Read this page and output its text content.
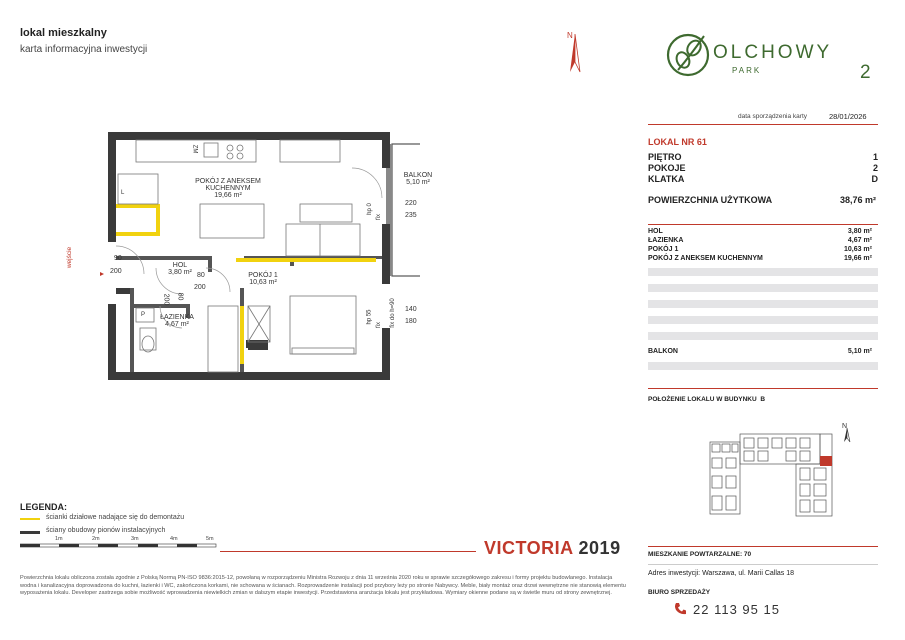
lokal mieszkalny
karta informacyjna inwestycji
N
OLCHOWY
PARK	2
data sporządzenia karty	28/01/2026
LOKAL NR 61
PIĘTRO	1
POKOJE	2
KLATKA	D
POWIERZCHNIA UŻYTKOWA	38,76 m²
HOL	3,80 m²
ŁAZIENKA	4,67 m²
POKÓJ 1	10,63 m²
POKÓJ Z ANEKSEM KUCHENNYM	19,66 m²
BALKON	5,10 m²
POŁOŻENIE LOKALU W BUDYNKU B
N
MIESZKANIE POWTARZALNE: 70
Adres inwestycji: Warszawa, ul. Marii Callas 18
BIURO SPRZEDAŻY
22 113 95 15
POKÓJ Z ANEKSEM
KUCHENNYM
19,66 m²
BALKON
5,10 m²
HOL
3,80 m²	POKÓJ 1
10,63 m²
ŁAZIENKA
4,67 m²
wejście	90
200
80
200
80
200
220
235
140
180
hp 0
fix
hp 55
fix fix do h=90
L
P
ZM
LEGENDA:
ścianki działowe nadające się do demontażu
ściany obudowy pionów instalacyjnych
1m	2m	3m	4m	5m	VICTORIA 2019
Powierzchnia lokalu obliczona została zgodnie z Polską Normą PN-ISO 9836:2015-12, powołaną w rozporządzeniu Ministra Rozwoju z dnia 11 września 2020 roku w sprawie szczegółowego zakresu i formy projektu budowlanego. Instalacja wodna i kanalizacyjna doprowadzona do kuchni, łazienki i WC, zakończona korkami, nie schowana w ścianach. Rozprowadzenie instalacji pod przybory leży po stronie Nabywcy. Meble, biały montaż oraz drzwi wewnętrzne nie stanowią elementu wyposażenia lokalu. Developer zastrzega sobie możliwość wprowadzenia niewielkich zmian w dalszym etapie inwestycji. Przedstawiona aranżacja lokalu jest przykładowa. Wymiary okienne podane są w świetle muru od strony zewnętrznej.
